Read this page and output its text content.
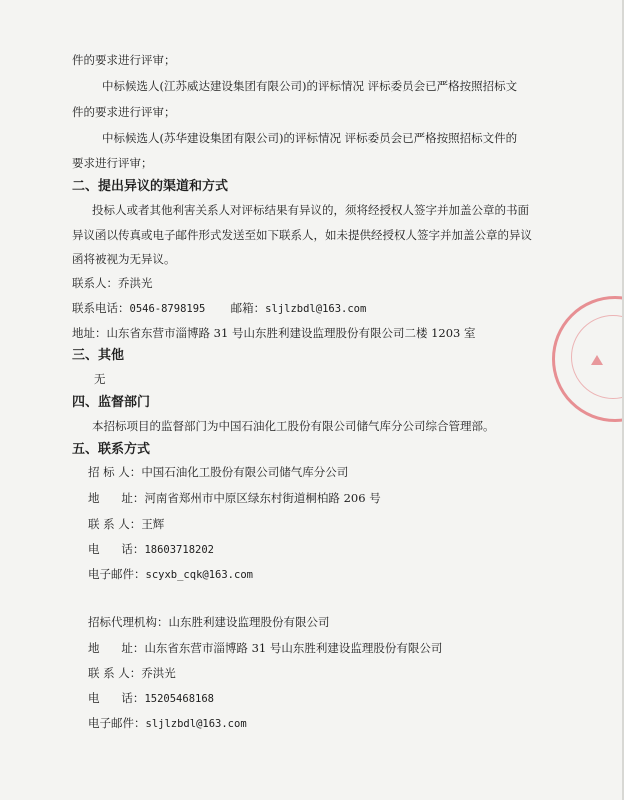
件的要求进行评审；
中标候选人(江苏威达建设集团有限公司)的评标情况 评标委员会已严格按照招标文
件的要求进行评审；
中标候选人(苏华建设集团有限公司)的评标情况 评标委员会已严格按照招标文件的
要求进行评审；
二、提出异议的渠道和方式
投标人或者其他利害关系人对评标结果有异议的，须将经授权人签字并加盖公章的书面
异议函以传真或电子邮件形式发送至如下联系人，如未提供经授权人签字并加盖公章的异议
函将被视为无异议。
联系人：乔洪光
联系电话：0546-8798195 邮箱：sljlzbdl@163.com
地址：山东省东营市淄博路 31 号山东胜利建设监理股份有限公司二楼 1203 室
三、其他
无
四、监督部门
本招标项目的监督部门为中国石油化工股份有限公司储气库分公司综合管理部。
五、联系方式
招 标 人：中国石油化工股份有限公司储气库分公司
地      址：河南省郑州市中原区绿东村街道桐柏路 206 号
联 系 人：王辉
电      话：18603718202
电子邮件：scyxb_cqk@163.com
招标代理机构：山东胜利建设监理股份有限公司
地      址：山东省东营市淄博路 31 号山东胜利建设监理股份有限公司
联 系 人：乔洪光
电      话：15205468168
电子邮件：sljlzbdl@163.com
